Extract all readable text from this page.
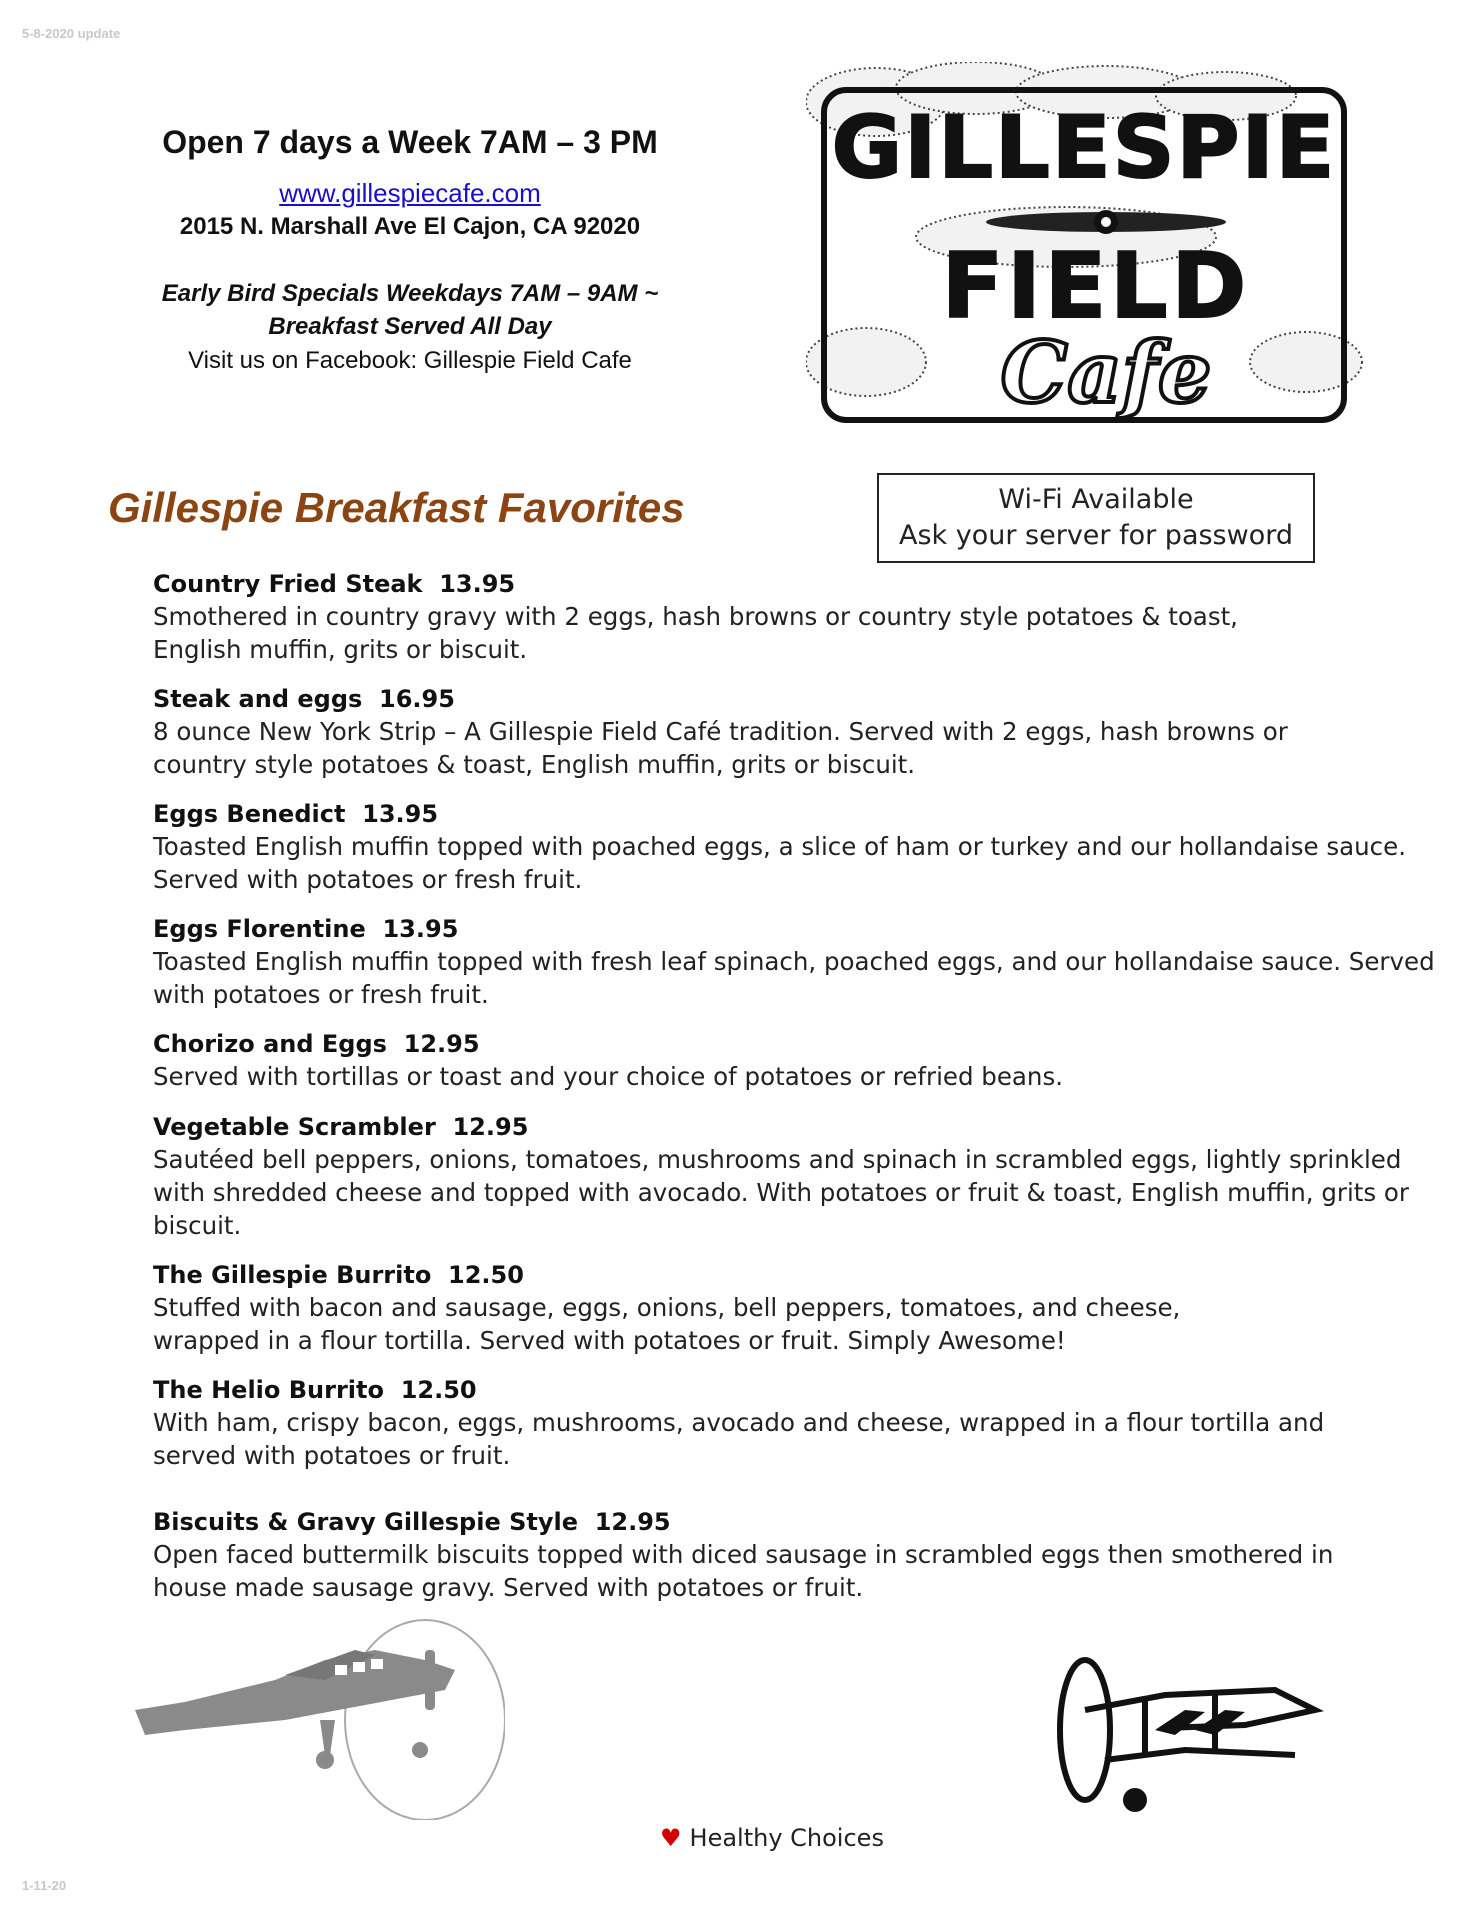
5-8-2020 update
Open 7 days a Week 7AM – 3 PM
www.gillespiecafe.com
2015 N. Marshall Ave El Cajon, CA 92020
Early Bird Specials Weekdays 7AM – 9AM ~
Breakfast Served All Day
Visit us on Facebook: Gillespie Field Cafe
GILLESPIE
FIELD
Cafe
Gillespie Breakfast Favorites	Wi-Fi Available
Ask your server for password
Country Fried Steak  13.95
Smothered in country gravy with 2 eggs, hash browns or country style potatoes & toast, English muffin, grits or biscuit.
Steak and eggs  16.95
8 ounce New York Strip – A Gillespie Field Café tradition. Served with 2 eggs, hash browns or country style potatoes & toast, English muffin, grits or biscuit.
Eggs Benedict  13.95
Toasted English muffin topped with poached eggs, a slice of ham or turkey and our hollandaise sauce. Served with potatoes or fresh fruit.
Eggs Florentine  13.95
Toasted English muffin topped with fresh leaf spinach, poached eggs, and our hollandaise sauce. Served with potatoes or fresh fruit.
Chorizo and Eggs  12.95
Served with tortillas or toast and your choice of potatoes or refried beans.
Vegetable Scrambler  12.95
Sautéed bell peppers, onions, tomatoes, mushrooms and spinach in scrambled eggs, lightly sprinkled with shredded cheese and topped with avocado. With potatoes or fruit & toast, English muffin, grits or biscuit.
The Gillespie Burrito  12.50
Stuffed with bacon and sausage, eggs, onions, bell peppers, tomatoes, and cheese, wrapped in a flour tortilla. Served with potatoes or fruit. Simply Awesome!
The Helio Burrito  12.50
With ham, crispy bacon, eggs, mushrooms, avocado and cheese, wrapped in a flour tortilla and served with potatoes or fruit.
Biscuits & Gravy Gillespie Style  12.95
Open faced buttermilk biscuits topped with diced sausage in scrambled eggs then smothered in house made sausage gravy. Served with potatoes or fruit.
♥ Healthy Choices
1-11-20
